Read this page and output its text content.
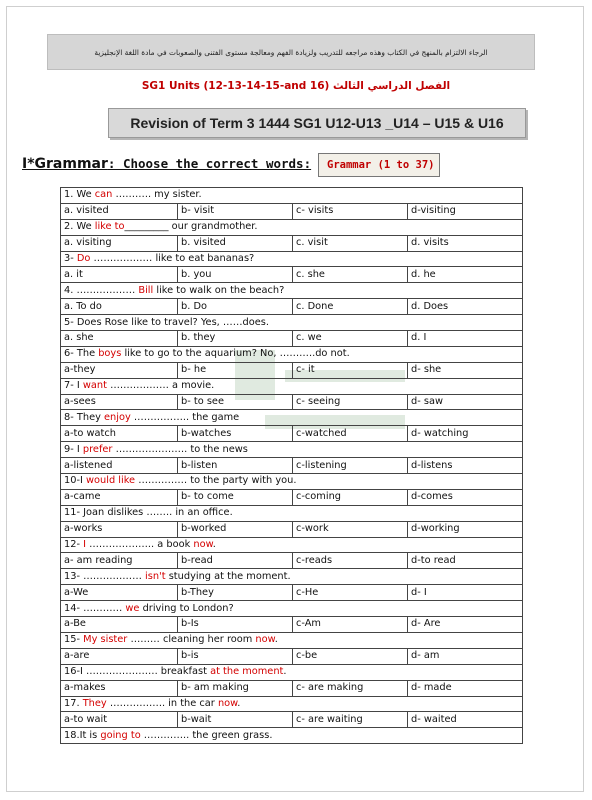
الرجاء الالتزام بالمنهج في الكتاب وهذه مراجعه للتدريب ولزيادة الفهم ومعالجة مستوى الفتنى والصعوبات في مادة اللغة الإنجليزية
SG1 Units (12-13-14-15-and 16) الفصل الدراسي الثالث
Revision of Term 3 1444 SG1 U12-U13 _U14 – U15 & U16
I*Grammar: Choose the correct words:	Grammar (1 to 37)
1. We can ……….. my sister.			
a. visited	b- visit	c- visits	d-visiting
2. We like to_________ our grandmother.			
a. visiting	b. visited	c. visit	d. visits
3- Do ……………… like to eat bananas?			
a. it	b. you	c. she	d. he
4. ……………… Bill like to walk on the beach?			
a. To do	b. Do	c. Done	d. Does
5- Does Rose like to travel? Yes, ……does.			
a. she	b. they	c. we	d. I
6- The boys like to go to the aquarium? No, ………..do not.			
a-they	b- he	c- it	d- she
7- I want ……………… a movie.			
a-sees	b- to see	c- seeing	d- saw
8- They enjoy …………….. the game			
a-to watch	b-watches	c-watched	d- watching
9- I prefer …………………. to the news			
a-listened	b-listen	c-listening	d-listens
10-I would like …………… to the party with you.			
a-came	b- to come	c-coming	d-comes
11- Joan dislikes …….. in an office.			
a-works	b-worked	c-work	d-working
12- I ……………….. a book now.			
a- am reading	b-read	c-reads	d-to read
13- ……………… isn't studying at the moment.			
a-We	b-They	c-He	d- I
14- ………… we driving to London?			
a-Be	b-Is	c-Am	d- Are
15- My sister ……… cleaning her room now.			
a-are	b-is	c-be	d- am
16-I …………………. breakfast at the moment.			
a-makes	b- am making	c- are making	d- made
17. They …………….. in the car now.			
a-to wait	b-wait	c- are waiting	d- waited
18.It is going to ………….. the green grass.			
